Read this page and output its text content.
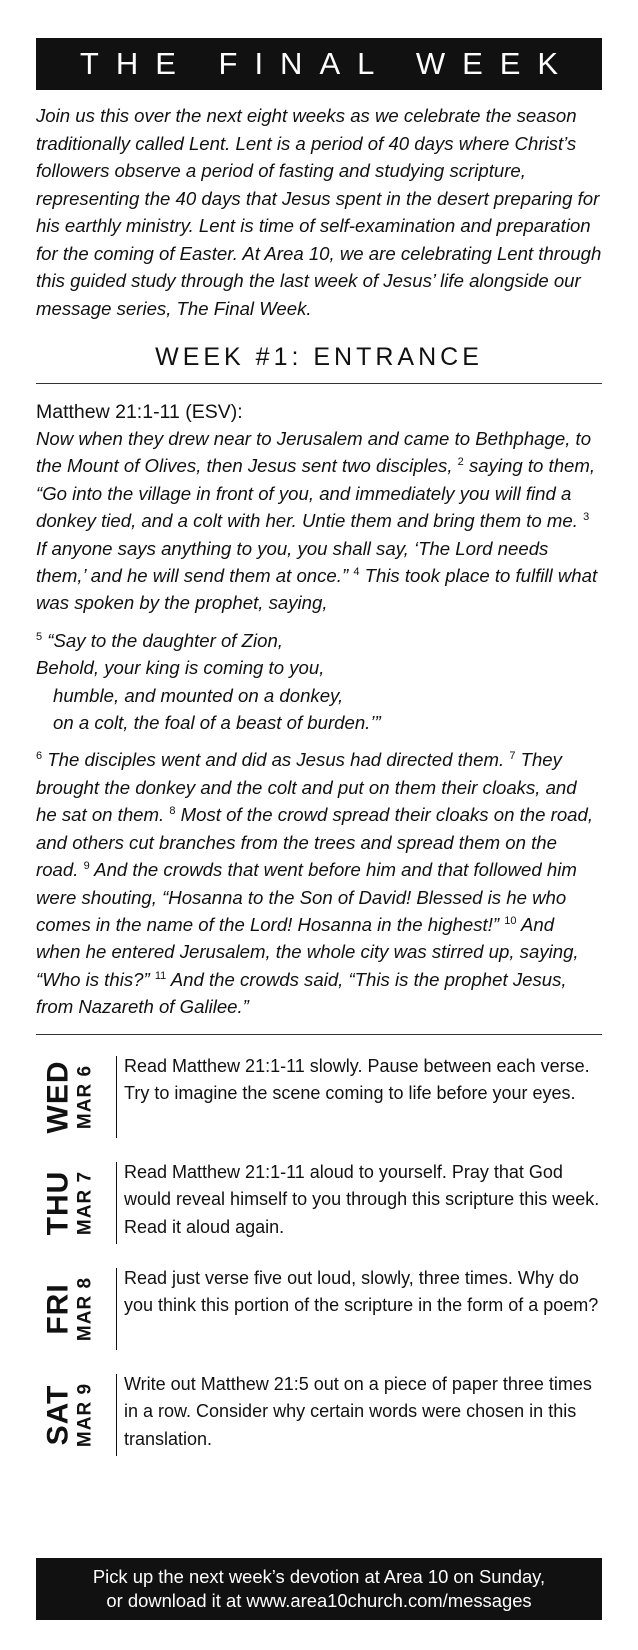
THE FINAL WEEK

Join us this over the next eight weeks as we celebrate the season traditionally called Lent. Lent is a period of 40 days where Christ’s followers observe a period of fasting and studying scripture, representing the 40 days that Jesus spent in the desert preparing for his earthly ministry. Lent is time of self-examination and preparation for the coming of Easter. At Area 10, we are celebrating Lent through this guided study through the last week of Jesus’ life alongside our message series, The Final Week.

WEEK #1: ENTRANCE
Matthew 21:1-11 (ESV):

Now when they drew near to Jerusalem and came to Bethphage, to the Mount of Olives, then Jesus sent two disciples, $^2$ saying to them, “Go into the village in front of you, and immediately you will find a donkey tied, and a colt with her. Untie them and bring them to me. $^3$ If anyone says anything to you, you shall say, ‘The Lord needs them,’ and he will send them at once.” $^4$ This took place to fulfill what was spoken by the prophet, saying,

$^5$ “Say to the daughter of Zion,
Behold, your king is coming to you,
humble, and mounted on a donkey,
on a colt, the foal of a beast of burden.’”

$^6$ The disciples went and did as Jesus had directed them. $^7$ They brought the donkey and the colt and put on them their cloaks, and he sat on them. $^8$ Most of the crowd spread their cloaks on the road, and others cut branches from the trees and spread them on the road. $^9$ And the crowds that went before him and that followed him were shouting, “Hosanna to the Son of David! Blessed is he who comes in the name of the Lord! Hosanna in the highest!” $^{10}$ And when he entered Jerusalem, the whole city was stirred up, saying, “Who is this?” $^{11}$ And the crowds said, “This is the prophet Jesus, from Nazareth of Galilee.”

WED MAR 6 Read Matthew 21:1-11 slowly. Pause between each verse. Try to imagine the scene coming to life before your eyes.
THU MAR 7 Read Matthew 21:1-11 aloud to yourself. Pray that God would reveal himself to you through this scripture this week. Read it aloud again.
FRI MAR 8 Read just verse five out loud, slowly, three times. Why do you think this portion of the scripture in the form of a poem?
SAT MAR 9 Write out Matthew 21:5 out on a piece of paper three times in a row. Consider why certain words were chosen in this translation.
Pick up the next week’s devotion at Area 10 on Sunday,
or download it at www.area10church.com/messages
